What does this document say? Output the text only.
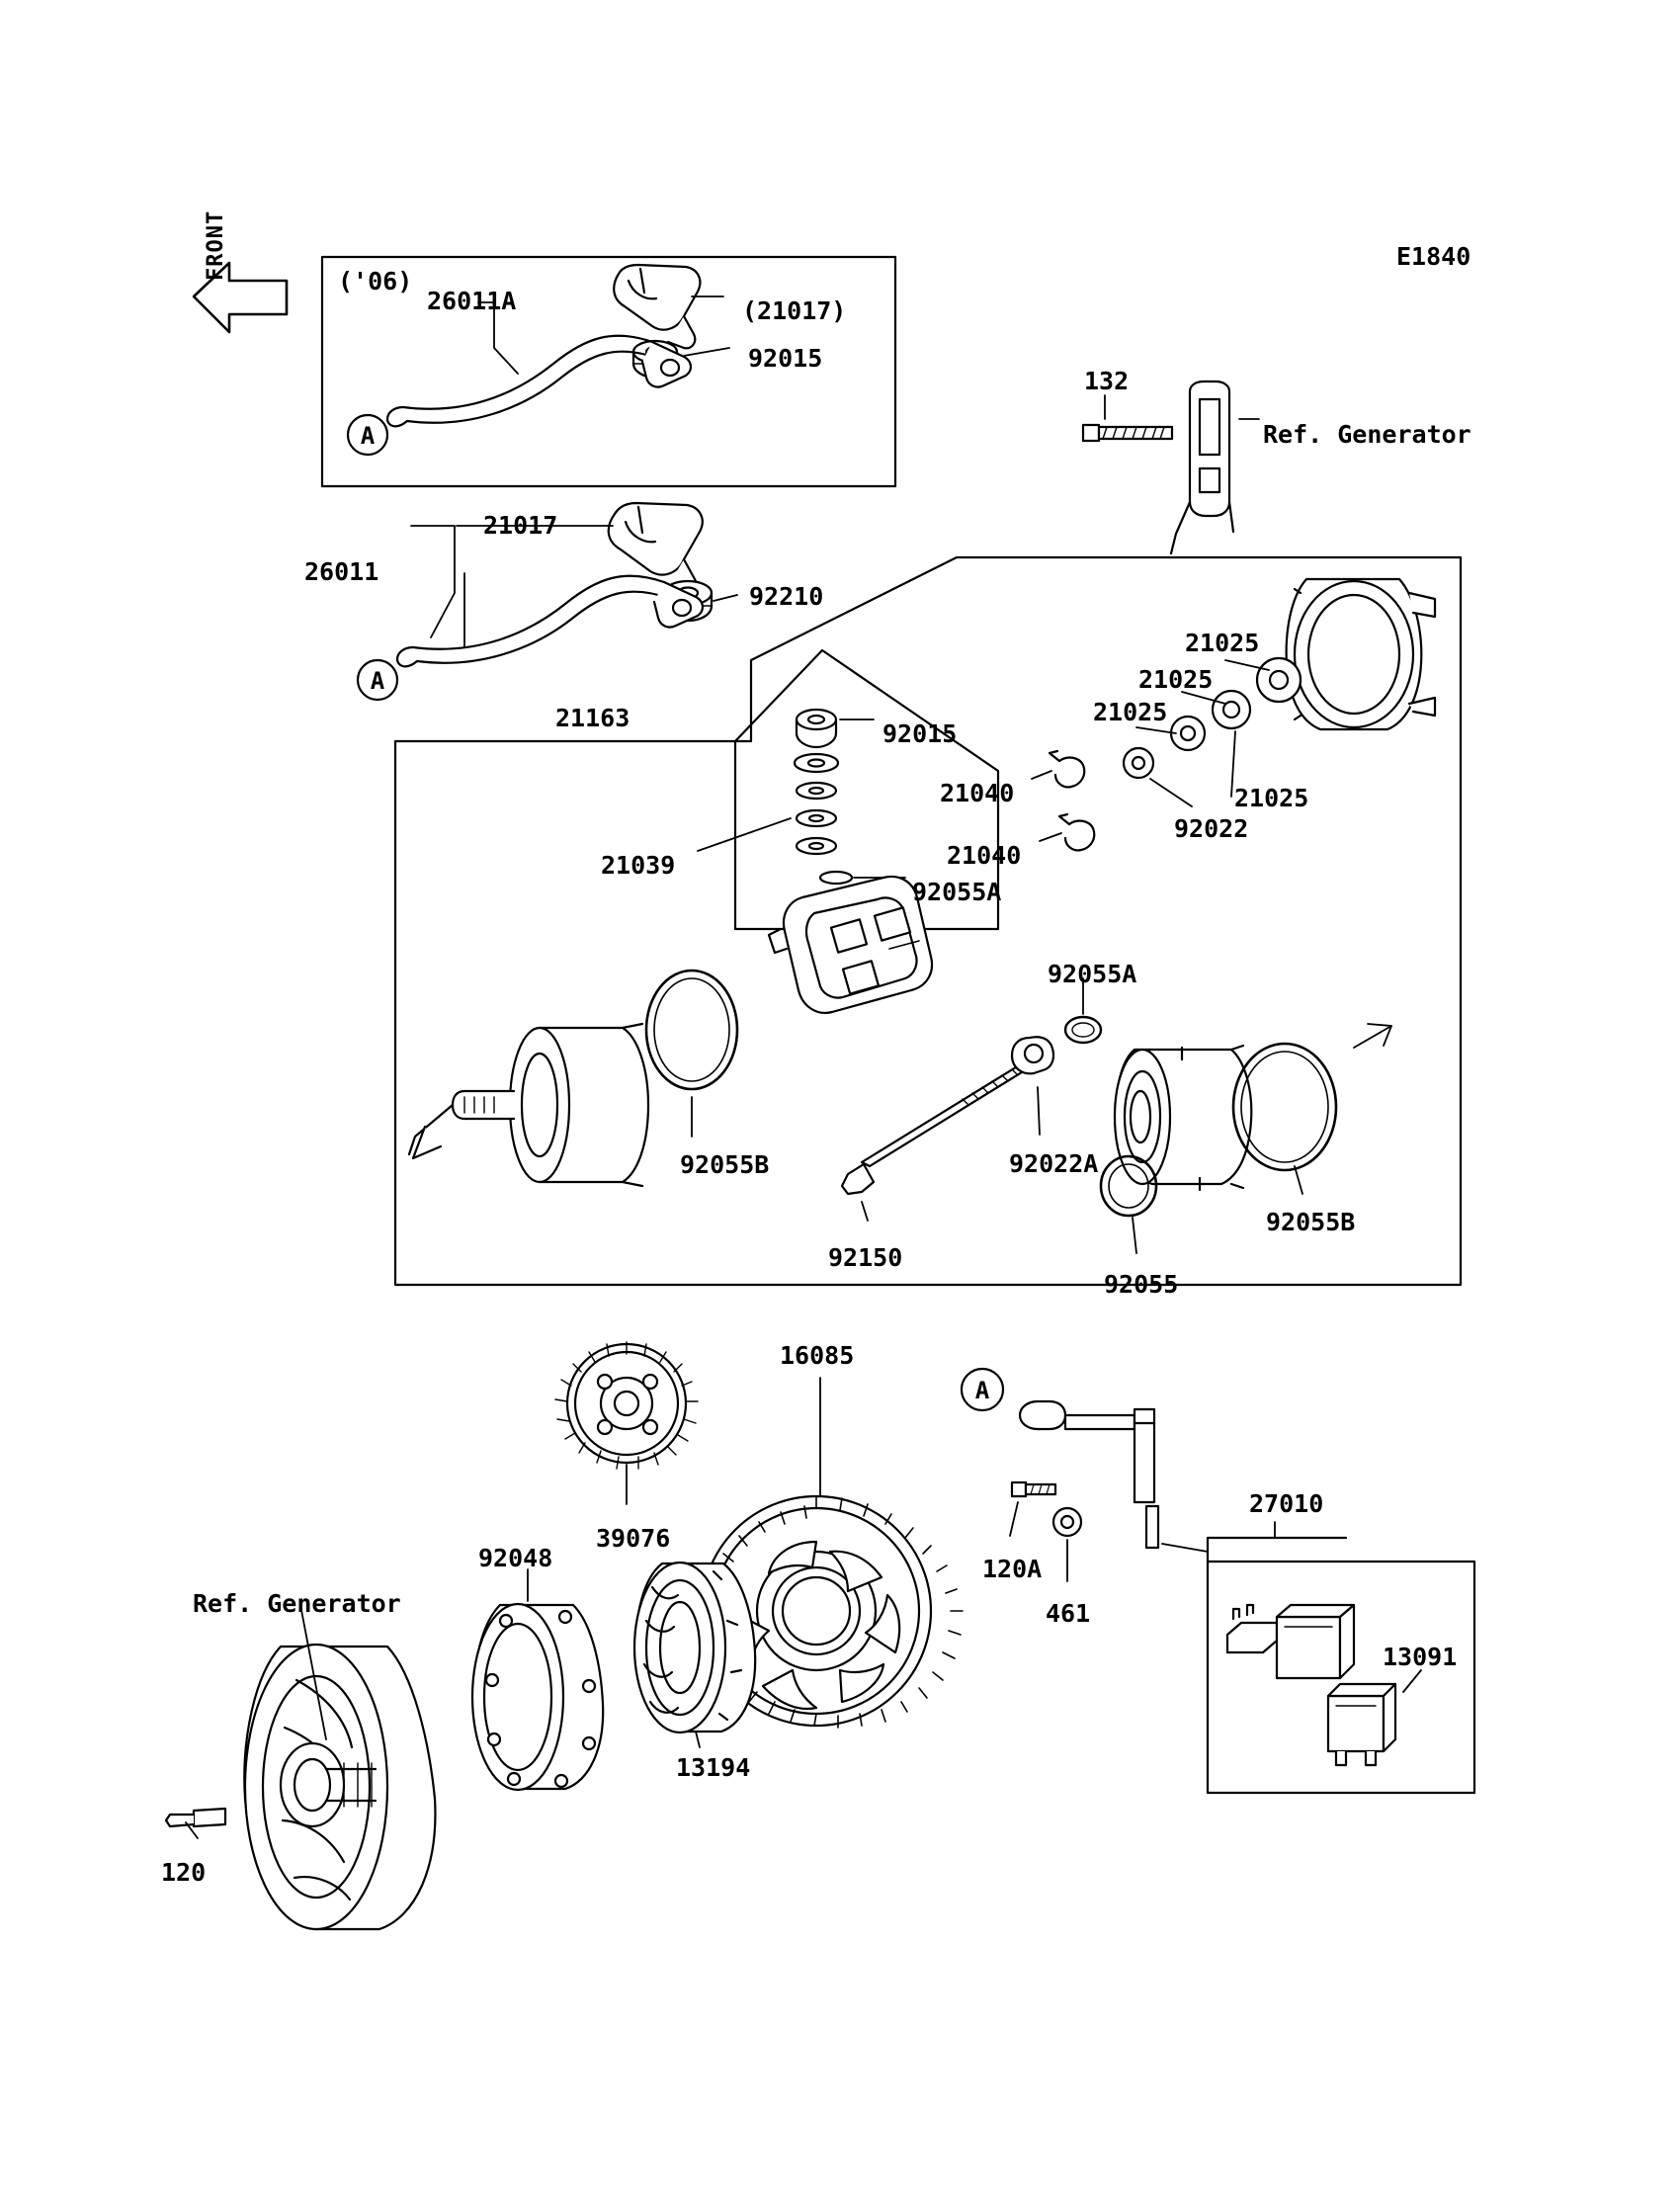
A
A
A
FRONT	E1840
('06)
Ref. Generator
Ref. Generator
26011A	(21017)
92015
21017
26011
92210
132
21163
92015
21025
21025
21025
21025
92022
21040
21040
21039
92055A
92055A
92055B	92022A
92055B
92150
92055
16085
39076
92048
27010
120A
461
13091
13194
120
